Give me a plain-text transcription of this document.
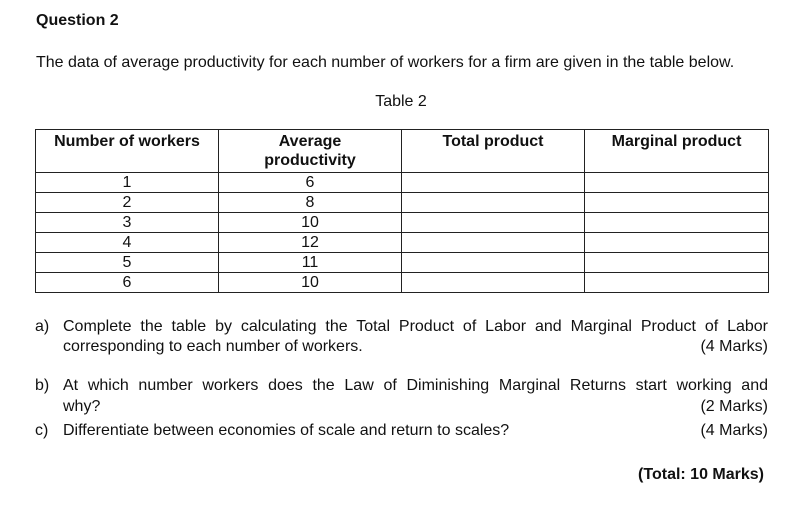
Question 2
The data of average productivity for each number of workers for a firm are given in the table below.
Table 2
Number of workers	Average productivity	Total product	Marginal product
1	6		
2	8		
3	10		
4	12		
5	11		
6	10		
a) Complete the table by calculating the Total Product of Labor and Marginal Product of Labor
corresponding to each number of workers.	(4 Marks)
b) At which number workers does the Law of Diminishing Marginal Returns start working and
why?	(2 Marks)
c) Differentiate between economies of scale and return to scales?	(4 Marks)
(Total: 10 Marks)
